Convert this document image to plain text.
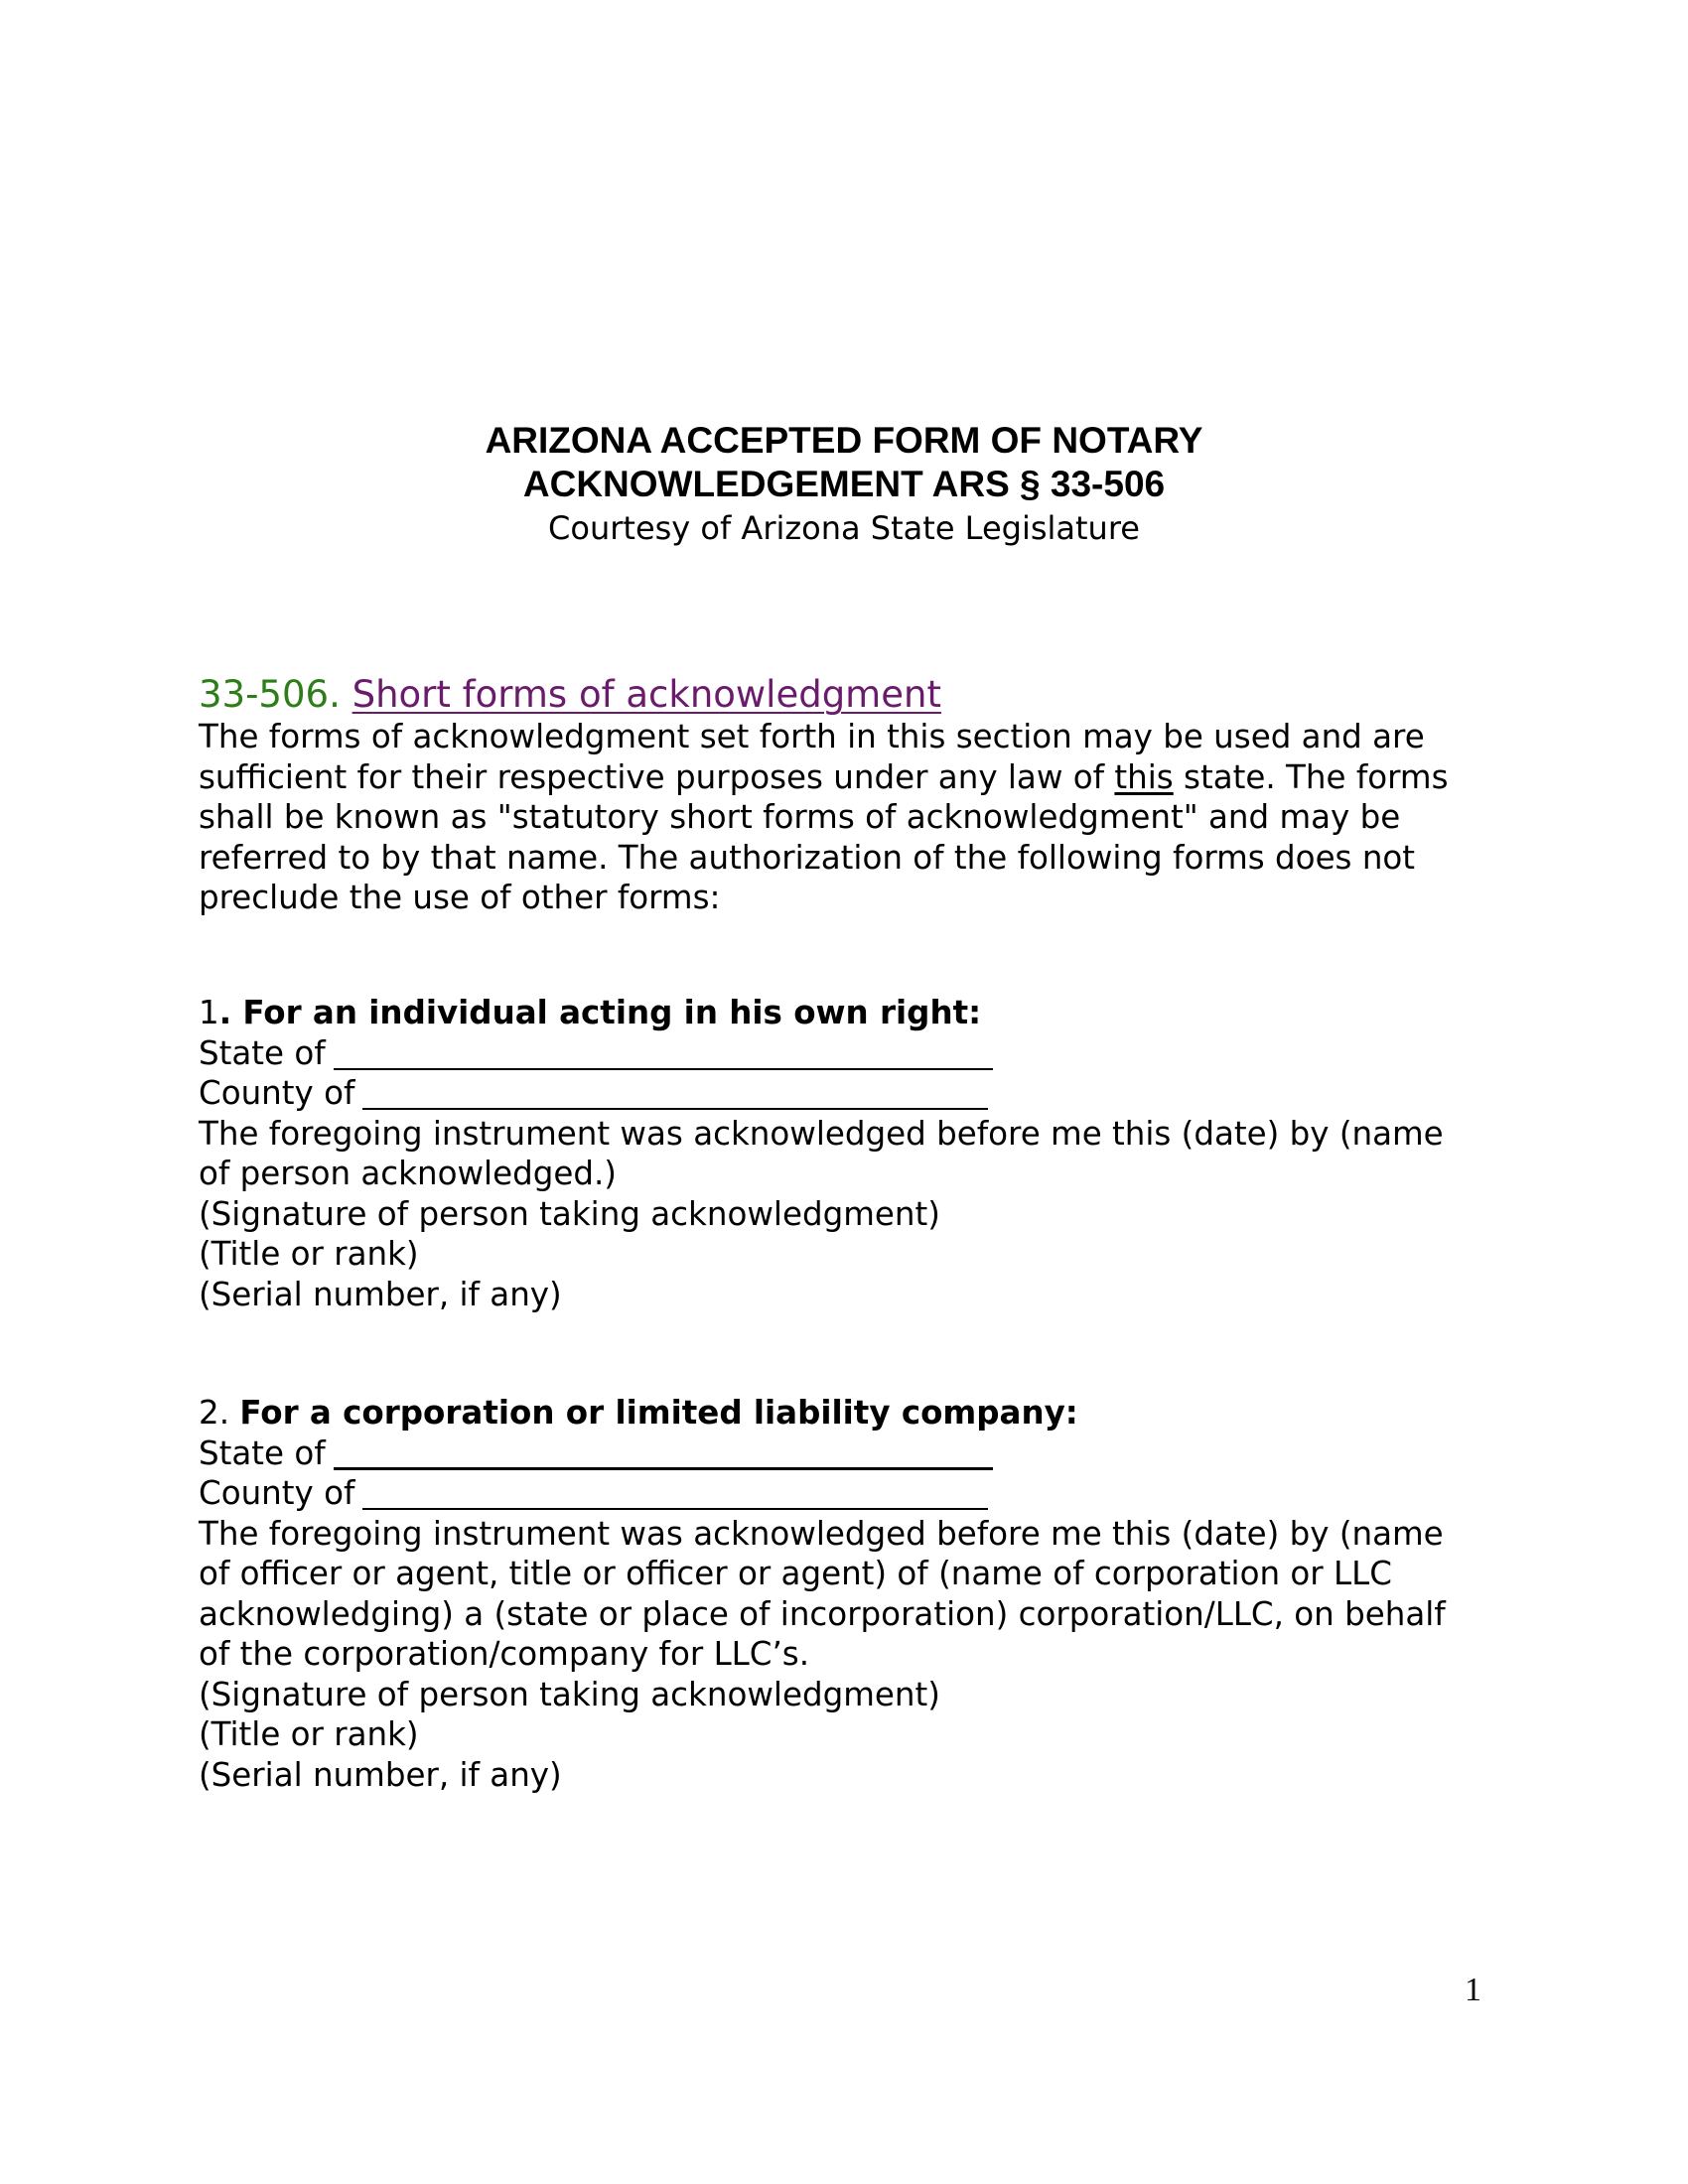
ARIZONA ACCEPTED FORM OF NOTARY
ACKNOWLEDGEMENT ARS § 33-506
Courtesy of Arizona State Legislature
33-506. Short forms of acknowledgment
The forms of acknowledgment set forth in this section may be used and are
sufficient for their respective purposes under any law of this state. The forms
shall be known as "statutory short forms of acknowledgment" and may be
referred to by that name. The authorization of the following forms does not
preclude the use of other forms:
1. For an individual acting in his own right:
State of
County of
The foregoing instrument was acknowledged before me this (date) by (name
of person acknowledged.)
(Signature of person taking acknowledgment)
(Title or rank)
(Serial number, if any)
2. For a corporation or limited liability company:
State of
County of
The foregoing instrument was acknowledged before me this (date) by (name
of officer or agent, title or officer or agent) of (name of corporation or LLC
acknowledging) a (state or place of incorporation) corporation/LLC, on behalf
of the corporation/company for LLC’s.
(Signature of person taking acknowledgment)
(Title or rank)
(Serial number, if any)
1
